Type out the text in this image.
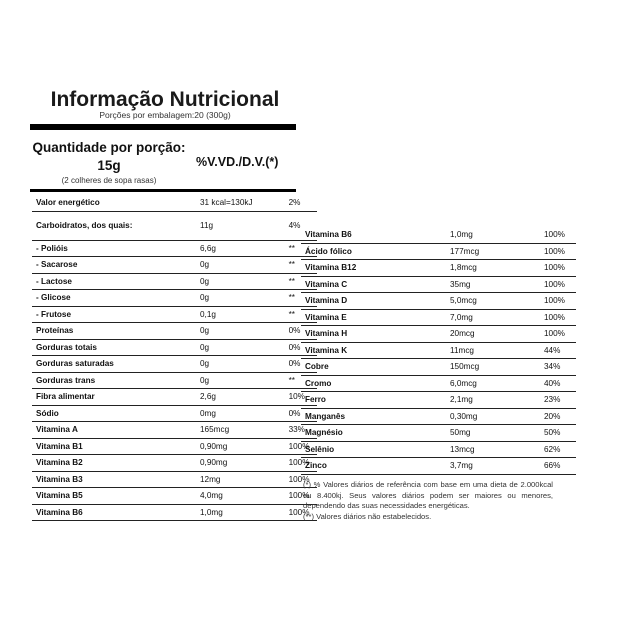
Informação Nutricional
Porções por embalagem:20 (300g)
Quantidade por porção:
15g
(2 colheres de sopa rasas)
%V.VD./D.V.(*)
Valor energético	31 kcal=130kJ	2%
Carboidratos, dos quais:	11g	4%
- Polióis	6,6g	**
- Sacarose	0g	**
- Lactose	0g	**
- Glicose	0g	**
- Frutose	0,1g	**
Proteínas	0g	0%
Gorduras totais	0g	0%
Gorduras saturadas	0g	0%
Gorduras trans	0g	**
Fibra alimentar	2,6g	10%
Sódio	0mg	0%
Vitamina A	165mcg	33%
Vitamina B1	0,90mg	100%
Vitamina B2	0,90mg	100%
Vitamina B3	12mg	100%
Vitamina B5	4,0mg	100%
Vitamina B6	1,0mg	100%
Vitamina B6	1,0mg	100%
Ácido fólico	177mcg	100%
Vitamina B12	1,8mcg	100%
Vitamina C	35mg	100%
Vitamina D	5,0mcg	100%
Vitamina E	7,0mg	100%
Vitamina H	20mcg	100%
Vitamina K	11mcg	44%
Cobre	150mcg	34%
Cromo	6,0mcg	40%
Ferro	2,1mg	23%
Manganês	0,30mg	20%
Magnésio	50mg	50%
Selênio	13mcg	62%
Zinco	3,7mg	66%
(*) % Valores diários de referência com base em uma dieta de 2.000kcal ou 8.400kj. Seus valores diários podem ser maiores ou menores, dependendo das suas necessidades energéticas.
(**) Valores diários não estabelecidos.
